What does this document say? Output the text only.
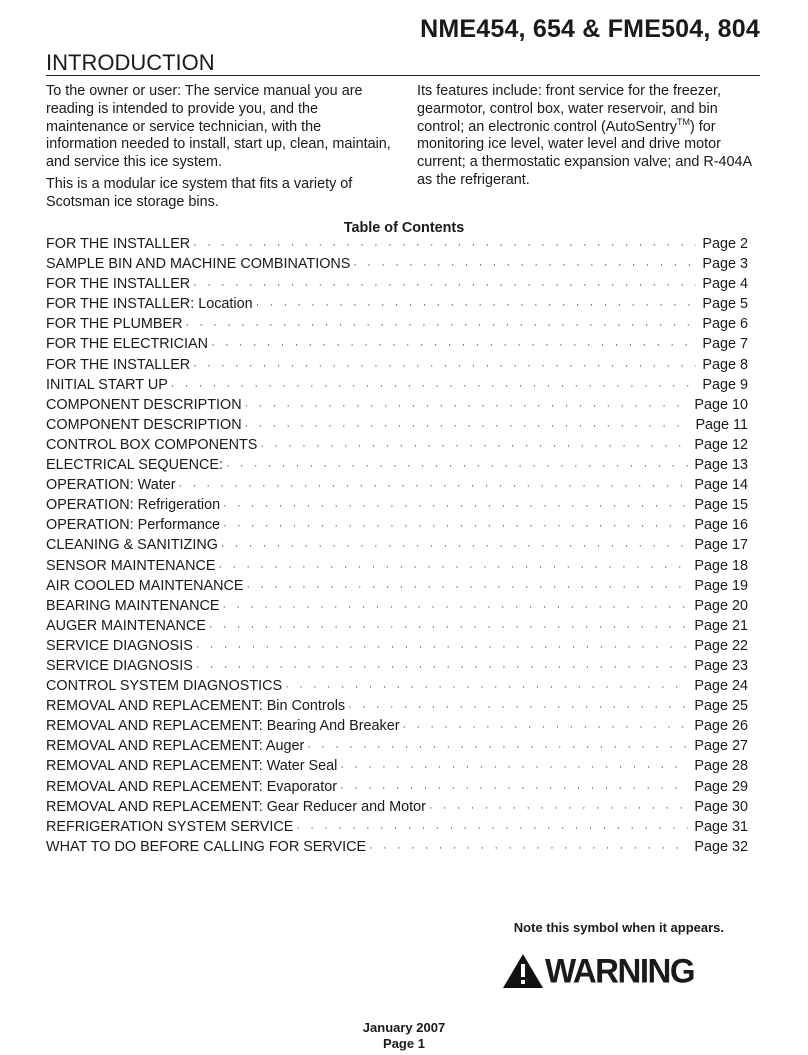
NME454, 654 & FME504, 804
INTRODUCTION

To the owner or user: The service manual you are reading is intended to provide you, and the maintenance or service technician, with the information needed to install, start up, clean, maintain, and service this ice system.

This is a modular ice system that fits a variety of Scotsman ice storage bins.

Its features include: front service for the freezer, gearmotor, control box, water reservoir, and bin control; an electronic control (AutoSentry™) for monitoring ice level, water level and drive motor current; a thermostatic expansion valve; and R-404A as the refrigerant.

Table of Contents
FOR THE INSTALLER · · ·	Page 2
SAMPLE BIN AND MACHINE COMBINATIONS · · ·	Page 3
FOR THE INSTALLER · · ·	Page 4
FOR THE INSTALLER: Location · · ·	Page 5
FOR THE PLUMBER · · ·	Page 6
FOR THE ELECTRICIAN · · ·	Page 7
FOR THE INSTALLER · · ·	Page 8
INITIAL START UP · · ·	Page 9
COMPONENT DESCRIPTION · · ·	Page 10
COMPONENT DESCRIPTION · · ·	Page 11
CONTROL BOX COMPONENTS · · ·	Page 12
ELECTRICAL SEQUENCE: · · ·	Page 13
OPERATION: Water · · ·	Page 14
OPERATION: Refrigeration · · ·	Page 15
OPERATION: Performance · · ·	Page 16
CLEANING & SANITIZING · · ·	Page 17
SENSOR MAINTENANCE · · ·	Page 18
AIR COOLED MAINTENANCE · · ·	Page 19
BEARING MAINTENANCE · · ·	Page 20
AUGER MAINTENANCE · · ·	Page 21
SERVICE DIAGNOSIS · · ·	Page 22
SERVICE DIAGNOSIS · · ·	Page 23
CONTROL SYSTEM DIAGNOSTICS · · ·	Page 24
REMOVAL AND REPLACEMENT: Bin Controls · · ·	Page 25
REMOVAL AND REPLACEMENT: Bearing And Breaker · · ·	Page 26
REMOVAL AND REPLACEMENT: Auger · · ·	Page 27
REMOVAL AND REPLACEMENT: Water Seal · · ·	Page 28
REMOVAL AND REPLACEMENT: Evaporator · · ·	Page 29
REMOVAL AND REPLACEMENT: Gear Reducer and Motor · · ·	Page 30
REFRIGERATION SYSTEM SERVICE · · ·	Page 31
WHAT TO DO BEFORE CALLING FOR SERVICE · · ·	Page 32
Note this symbol when it appears.
WARNING
January 2007
Page 1
